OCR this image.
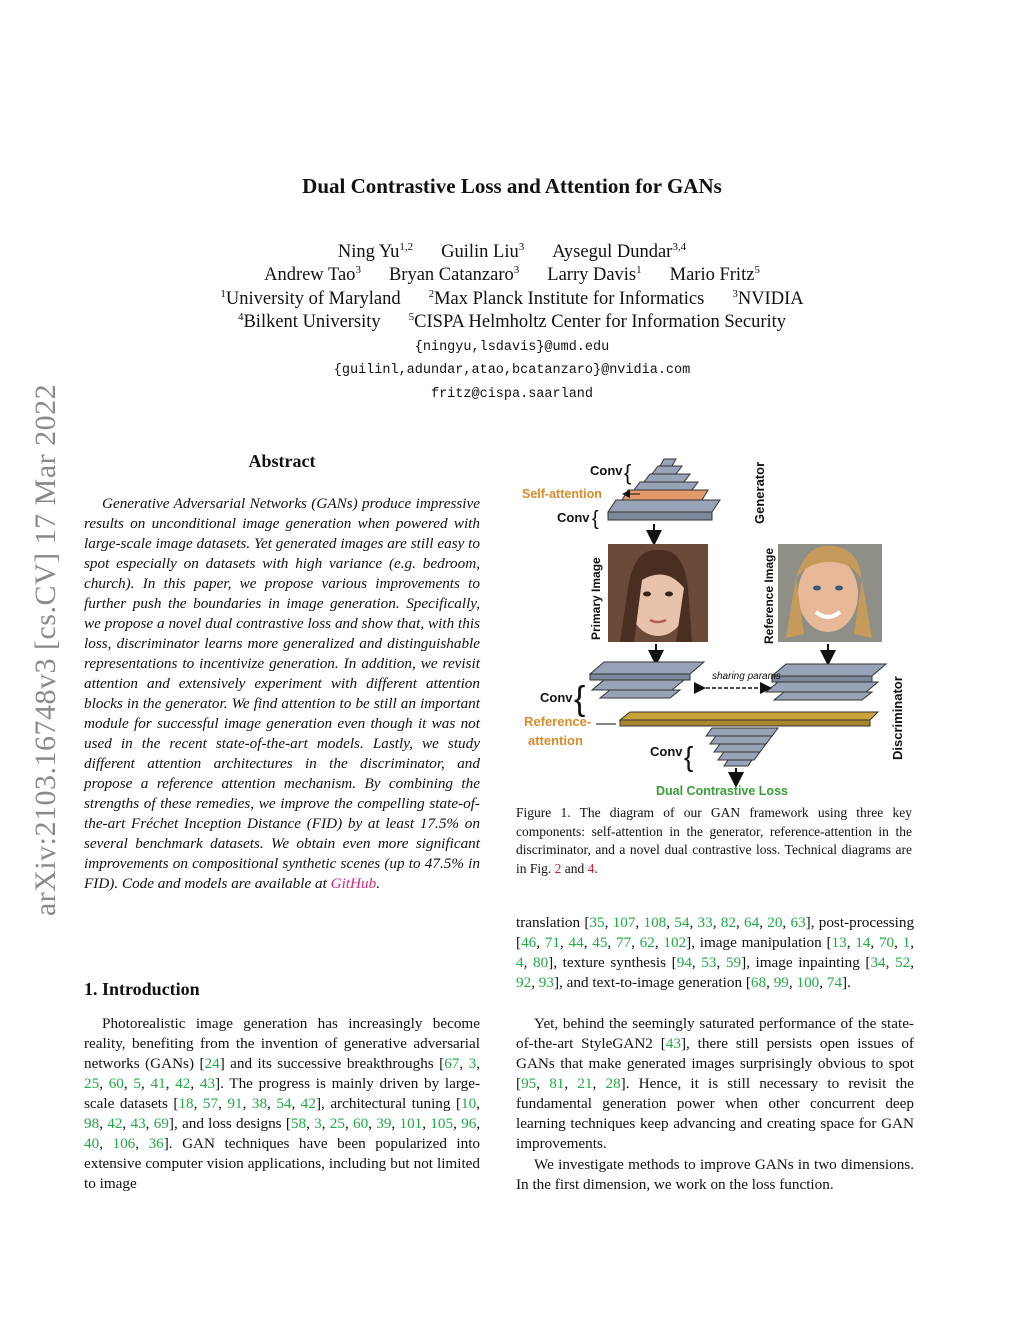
arXiv:2103.16748v3 [cs.CV] 17 Mar 2022
Dual Contrastive Loss and Attention for GANs
Ning Yu$^{1,2}$ Guilin Liu$^3$ Aysegul Dundar$^{3,4}$
Andrew Tao$^3$ Bryan Catanzaro$^3$ Larry Davis$^1$ Mario Fritz$^5$
$^1$University of Maryland	$^2$Max Planck Institute for Informatics	$^3$NVIDIA
$^4$Bilkent University	$^5$CISPA Helmholtz Center for Information Security
{ningyu,lsdavis}@umd.edu
{guilinl,adundar,atao,bcatanzaro}@nvidia.com
fritz@cispa.saarland
Abstract
Generative Adversarial Networks (GANs) produce impressive results on unconditional image generation when powered with large-scale image datasets. Yet generated images are still easy to spot especially on datasets with high variance (e.g. bedroom, church). In this paper, we propose various improvements to further push the boundaries in image generation. Specifically, we propose a novel dual contrastive loss and show that, with this loss, discriminator learns more generalized and distinguishable representations to incentivize generation. In addition, we revisit attention and extensively experiment with different attention blocks in the generator. We find attention to be still an important module for successful image generation even though it was not used in the recent state-of-the-art models. Lastly, we study different attention architectures in the discriminator, and propose a reference attention mechanism. By combining the strengths of these remedies, we improve the compelling state-of-the-art Fréchet Inception Distance (FID) by at least 17.5% on several benchmark datasets. We obtain even more significant improvements on compositional synthetic scenes (up to 47.5% in FID). Code and models are available at GitHub.
1. Introduction
Photorealistic image generation has increasingly become reality, benefiting from the invention of generative adversarial networks (GANs) [24] and its successive breakthroughs [67, 3, 25, 60, 5, 41, 42, 43]. The progress is mainly driven by large-scale datasets [18, 57, 91, 38, 54, 42], architectural tuning [10, 98, 42, 43, 69], and loss designs [58, 3, 25, 60, 39, 101, 105, 96, 40, 106, 36]. GAN techniques have been popularized into extensive computer vision applications, including but not limited to image
Conv {
Self-attention
Conv {	Generator
Primary Image	Reference Image
sharing params
Conv {
Reference-
attention
Conv {	Discriminator
Dual Contrastive Loss
Figure 1. The diagram of our GAN framework using three key components: self-attention in the generator, reference-attention in the discriminator, and a novel dual contrastive loss. Technical diagrams are in Fig. 2 and 4.
translation [35, 107, 108, 54, 33, 82, 64, 20, 63], post-processing [46, 71, 44, 45, 77, 62, 102], image manipulation [13, 14, 70, 1, 4, 80], texture synthesis [94, 53, 59], image inpainting [34, 52, 92, 93], and text-to-image generation [68, 99, 100, 74].
Yet, behind the seemingly saturated performance of the state-of-the-art StyleGAN2 [43], there still persists open issues of GANs that make generated images surprisingly obvious to spot [95, 81, 21, 28]. Hence, it is still necessary to revisit the fundamental generation power when other concurrent deep learning techniques keep advancing and creating space for GAN improvements.
We investigate methods to improve GANs in two dimensions. In the first dimension, we work on the loss function.
